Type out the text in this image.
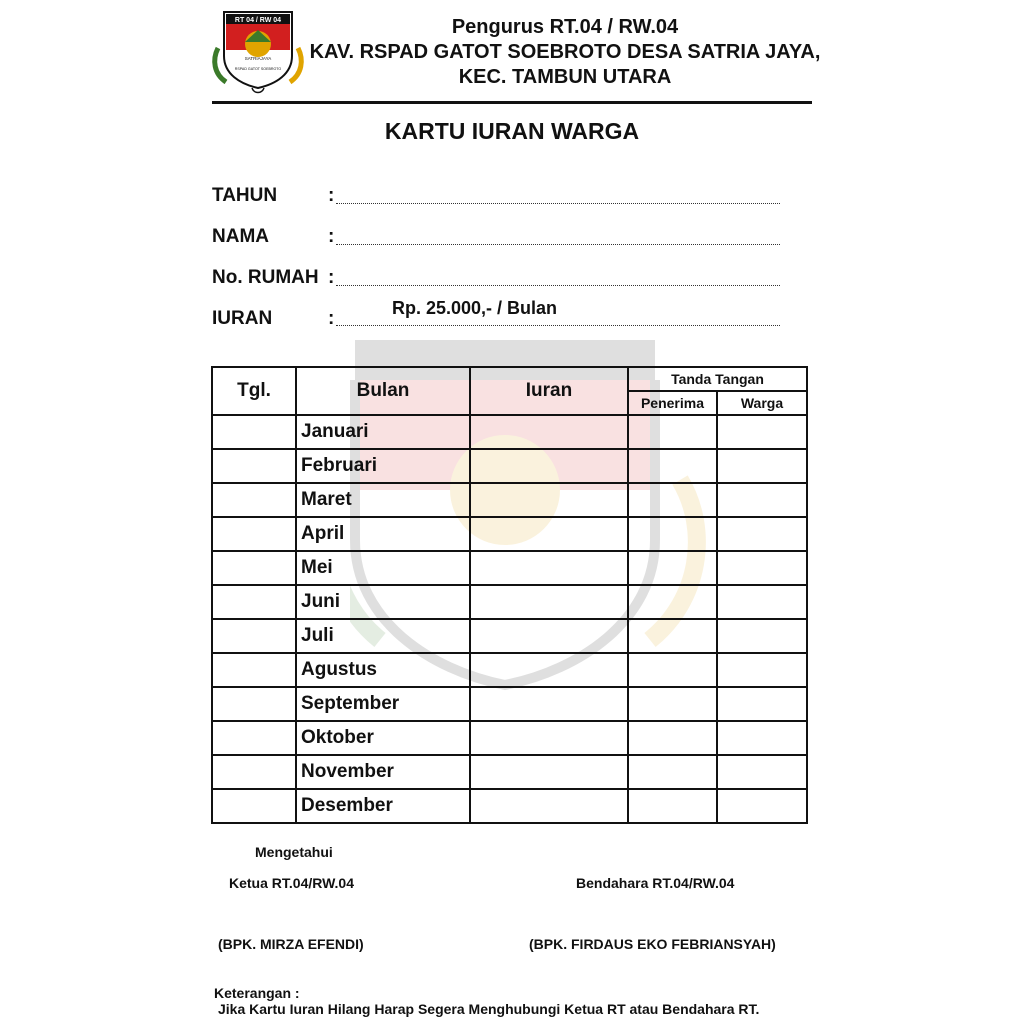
RT 04 / RW 04
SATRIAJAYA
RSPAD GATOT SOEBROTO
Pengurus RT.04 / RW.04
KAV. RSPAD GATOT SOEBROTO DESA SATRIA JAYA,
KEC. TAMBUN UTARA
KARTU IURAN WARGA
TAHUN	:
NAMA	:
No. RUMAH :
IURAN	:	Rp. 25.000,- / Bulan
Tgl.	Bulan	Iuran	Tanda Tangan	
			Penerima	Warga
	Januari			
	Februari			
	Maret			
	April			
	Mei			
	Juni			
	Juli			
	Agustus			
	September			
	Oktober			
	November			
	Desember			
Mengetahui
Ketua RT.04/RW.04	Bendahara RT.04/RW.04
(BPK. MIRZA EFENDI)	(BPK. FIRDAUS EKO FEBRIANSYAH)
Keterangan :
Jika Kartu Iuran Hilang Harap Segera Menghubungi Ketua RT atau Bendahara RT.
